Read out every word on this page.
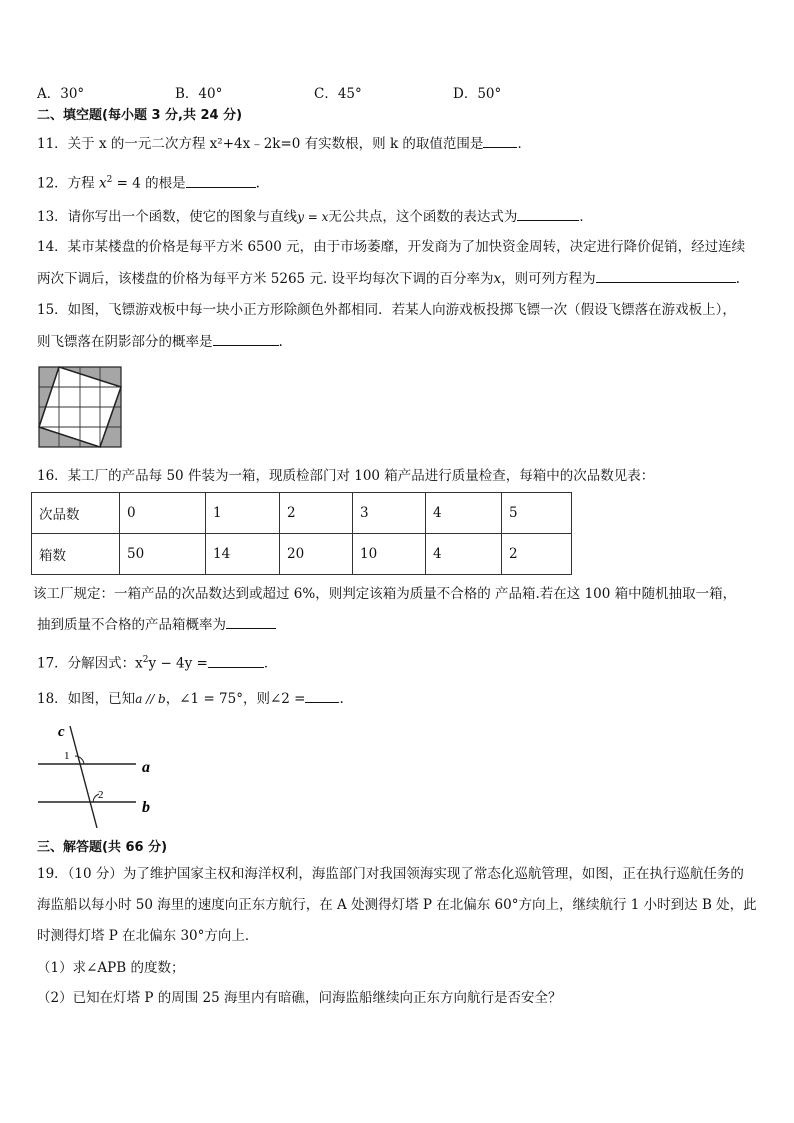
A．30°	B．40°	C．45°	D．50°
二、填空题(每小题 3 分,共 24 分)
11．关于 x 的一元二次方程 x²+4x﹣2k=0 有实数根，则 k 的取值范围是	．
12．方程 $x^2 = 4$ 的根是	.
13．请你写出一个函数，使它的图象与直线y = x无公共点，这个函数的表达式为	．
14．某市某楼盘的价格是每平方米 6500 元，由于市场萎靡，开发商为了加快资金周转，决定进行降价促销，经过连续
两次下调后，该楼盘的价格为每平方米 5265 元. 设平均每次下调的百分率为x，则可列方程为	.
15．如图，飞镖游戏板中每一块小正方形除颜色外都相同．若某人向游戏板投掷飞镖一次（假设飞镖落在游戏板上），
则飞镖落在阴影部分的概率是	.
16．某工厂的产品每 50 件装为一箱，现质检部门对 100 箱产品进行质量检查，每箱中的次品数见表：
次品数	0	1	2	3	4	5
箱数	50	14	20	10	4	2
该工厂规定：一箱产品的次品数达到或超过 6%，则判定该箱为质量不合格的 产品箱.若在这 100 箱中随机抽取一箱，
抽到质量不合格的产品箱概率为
17．分解因式：$x^2y - 4y$ =	．
18．如图，已知a // b，∠1 = 75°，则∠2 =	.
c
1
a
2
b
三、解答题(共 66 分)
19．（10 分）为了维护国家主权和海洋权利，海监部门对我国领海实现了常态化巡航管理，如图，正在执行巡航任务的
海监船以每小时 50 海里的速度向正东方航行，在 A 处测得灯塔 P 在北偏东 60°方向上，继续航行 1 小时到达 B 处，此
时测得灯塔 P 在北偏东 30°方向上．
（1）求∠APB 的度数；
（2）已知在灯塔 P 的周围 25 海里内有暗礁，问海监船继续向正东方向航行是否安全？
